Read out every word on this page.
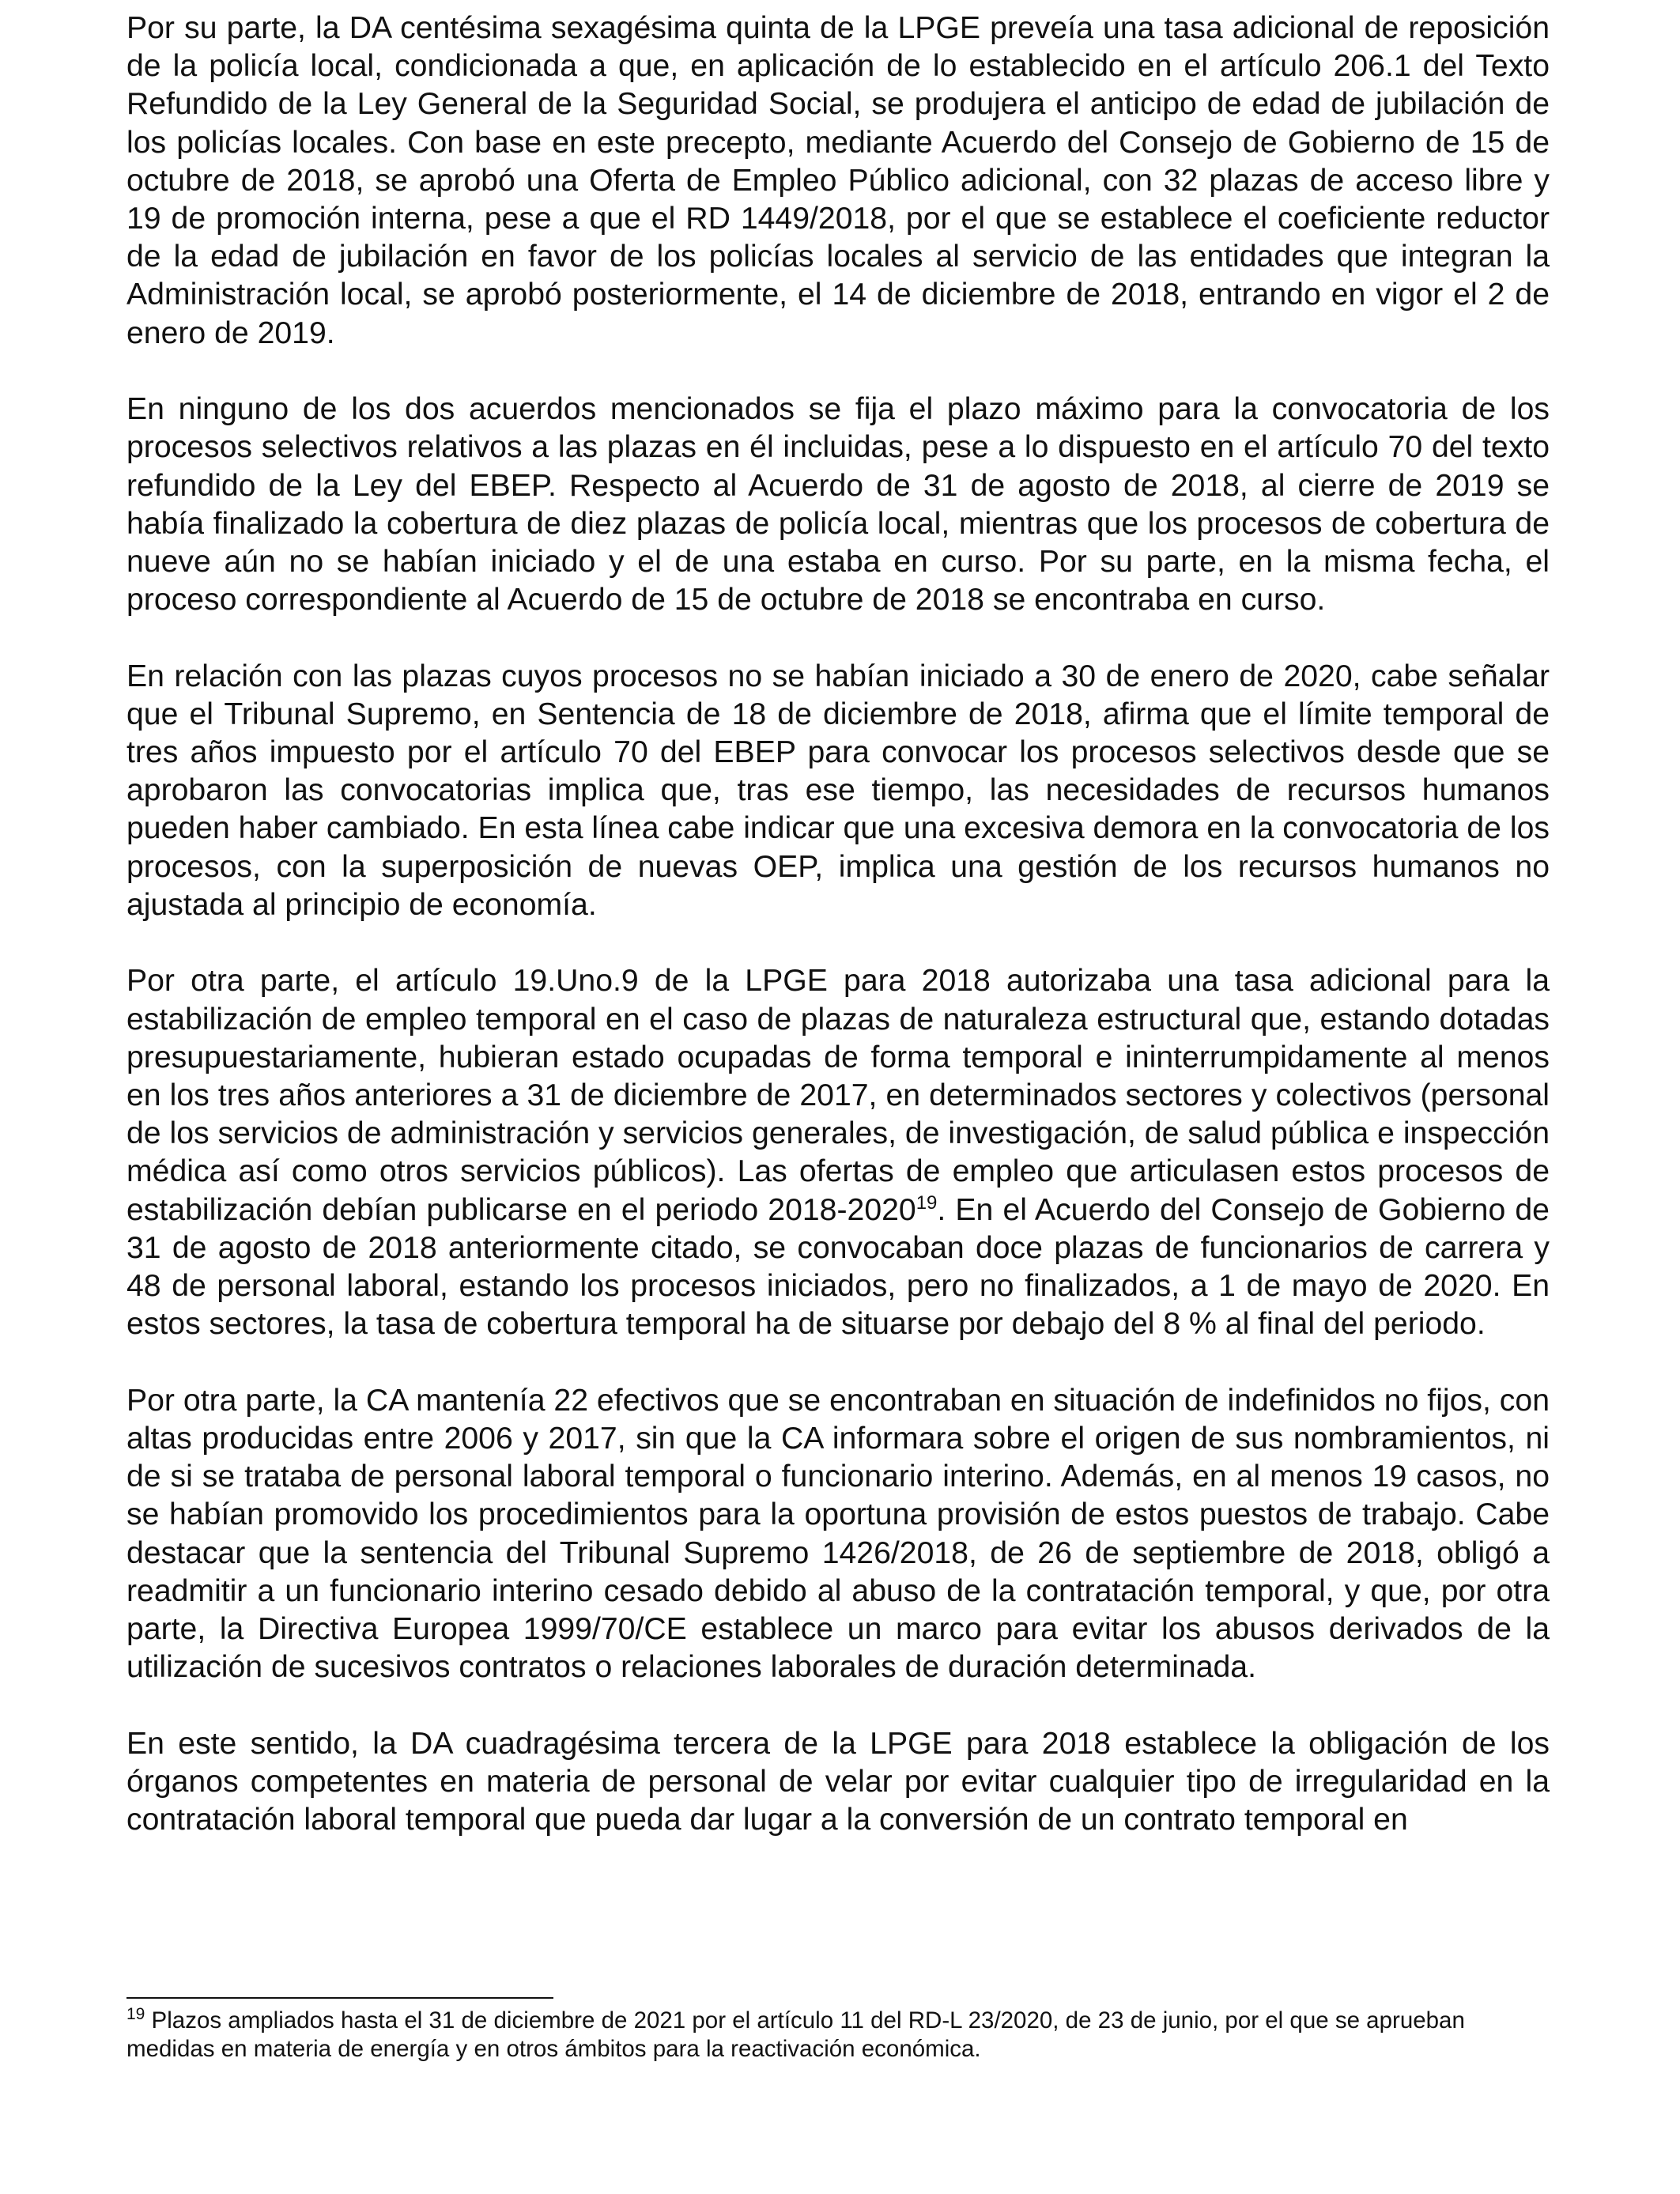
Por su parte, la DA centésima sexagésima quinta de la LPGE preveía una tasa adicional de reposición de la policía local, condicionada a que, en aplicación de lo establecido en el artículo 206.1 del Texto Refundido de la Ley General de la Seguridad Social, se produjera el anticipo de edad de jubilación de los policías locales. Con base en este precepto, mediante Acuerdo del Consejo de Gobierno de 15 de octubre de 2018, se aprobó una Oferta de Empleo Público adicional, con 32 plazas de acceso libre y 19 de promoción interna, pese a que el RD 1449/2018, por el que se establece el coeficiente reductor de la edad de jubilación en favor de los policías locales al servicio de las entidades que integran la Administración local, se aprobó posteriormente, el 14 de diciembre de 2018, entrando en vigor el 2 de enero de 2019.

En ninguno de los dos acuerdos mencionados se fija el plazo máximo para la convocatoria de los procesos selectivos relativos a las plazas en él incluidas, pese a lo dispuesto en el artículo 70 del texto refundido de la Ley del EBEP. Respecto al Acuerdo de 31 de agosto de 2018, al cierre de 2019 se había finalizado la cobertura de diez plazas de policía local, mientras que los procesos de cobertura de nueve aún no se habían iniciado y el de una estaba en curso. Por su parte, en la misma fecha, el proceso correspondiente al Acuerdo de 15 de octubre de 2018 se encontraba en curso.

En relación con las plazas cuyos procesos no se habían iniciado a 30 de enero de 2020, cabe señalar que el Tribunal Supremo, en Sentencia de 18 de diciembre de 2018, afirma que el límite temporal de tres años impuesto por el artículo 70 del EBEP para convocar los procesos selectivos desde que se aprobaron las convocatorias implica que, tras ese tiempo, las necesidades de recursos humanos pueden haber cambiado. En esta línea cabe indicar que una excesiva demora en la convocatoria de los procesos, con la superposición de nuevas OEP, implica una gestión de los recursos humanos no ajustada al principio de economía.

Por otra parte, el artículo 19.Uno.9 de la LPGE para 2018 autorizaba una tasa adicional para la estabilización de empleo temporal en el caso de plazas de naturaleza estructural que, estando dotadas presupuestariamente, hubieran estado ocupadas de forma temporal e ininterrumpidamente al menos en los tres años anteriores a 31 de diciembre de 2017, en determinados sectores y colectivos (personal de los servicios de administración y servicios generales, de investigación, de salud pública e inspección médica así como otros servicios públicos). Las ofertas de empleo que articulasen estos procesos de estabilización debían publicarse en el periodo 2018-2020$^{19}$. En el Acuerdo del Consejo de Gobierno de 31 de agosto de 2018 anteriormente citado, se convocaban doce plazas de funcionarios de carrera y 48 de personal laboral, estando los procesos iniciados, pero no finalizados, a 1 de mayo de 2020. En estos sectores, la tasa de cobertura temporal ha de situarse por debajo del 8 % al final del periodo.

Por otra parte, la CA mantenía 22 efectivos que se encontraban en situación de indefinidos no fijos, con altas producidas entre 2006 y 2017, sin que la CA informara sobre el origen de sus nombramientos, ni de si se trataba de personal laboral temporal o funcionario interino. Además, en al menos 19 casos, no se habían promovido los procedimientos para la oportuna provisión de estos puestos de trabajo. Cabe destacar que la sentencia del Tribunal Supremo 1426/2018, de 26 de septiembre de 2018, obligó a readmitir a un funcionario interino cesado debido al abuso de la contratación temporal, y que, por otra parte, la Directiva Europea 1999/70/CE establece un marco para evitar los abusos derivados de la utilización de sucesivos contratos o relaciones laborales de duración determinada.

En este sentido, la DA cuadragésima tercera de la LPGE para 2018 establece la obligación de los órganos competentes en materia de personal de velar por evitar cualquier tipo de irregularidad en la contratación laboral temporal que pueda dar lugar a la conversión de un contrato temporal en

$^{19}$ Plazos ampliados hasta el 31 de diciembre de 2021 por el artículo 11 del RD-L 23/2020, de 23 de junio, por el que se aprueban medidas en materia de energía y en otros ámbitos para la reactivación económica.
